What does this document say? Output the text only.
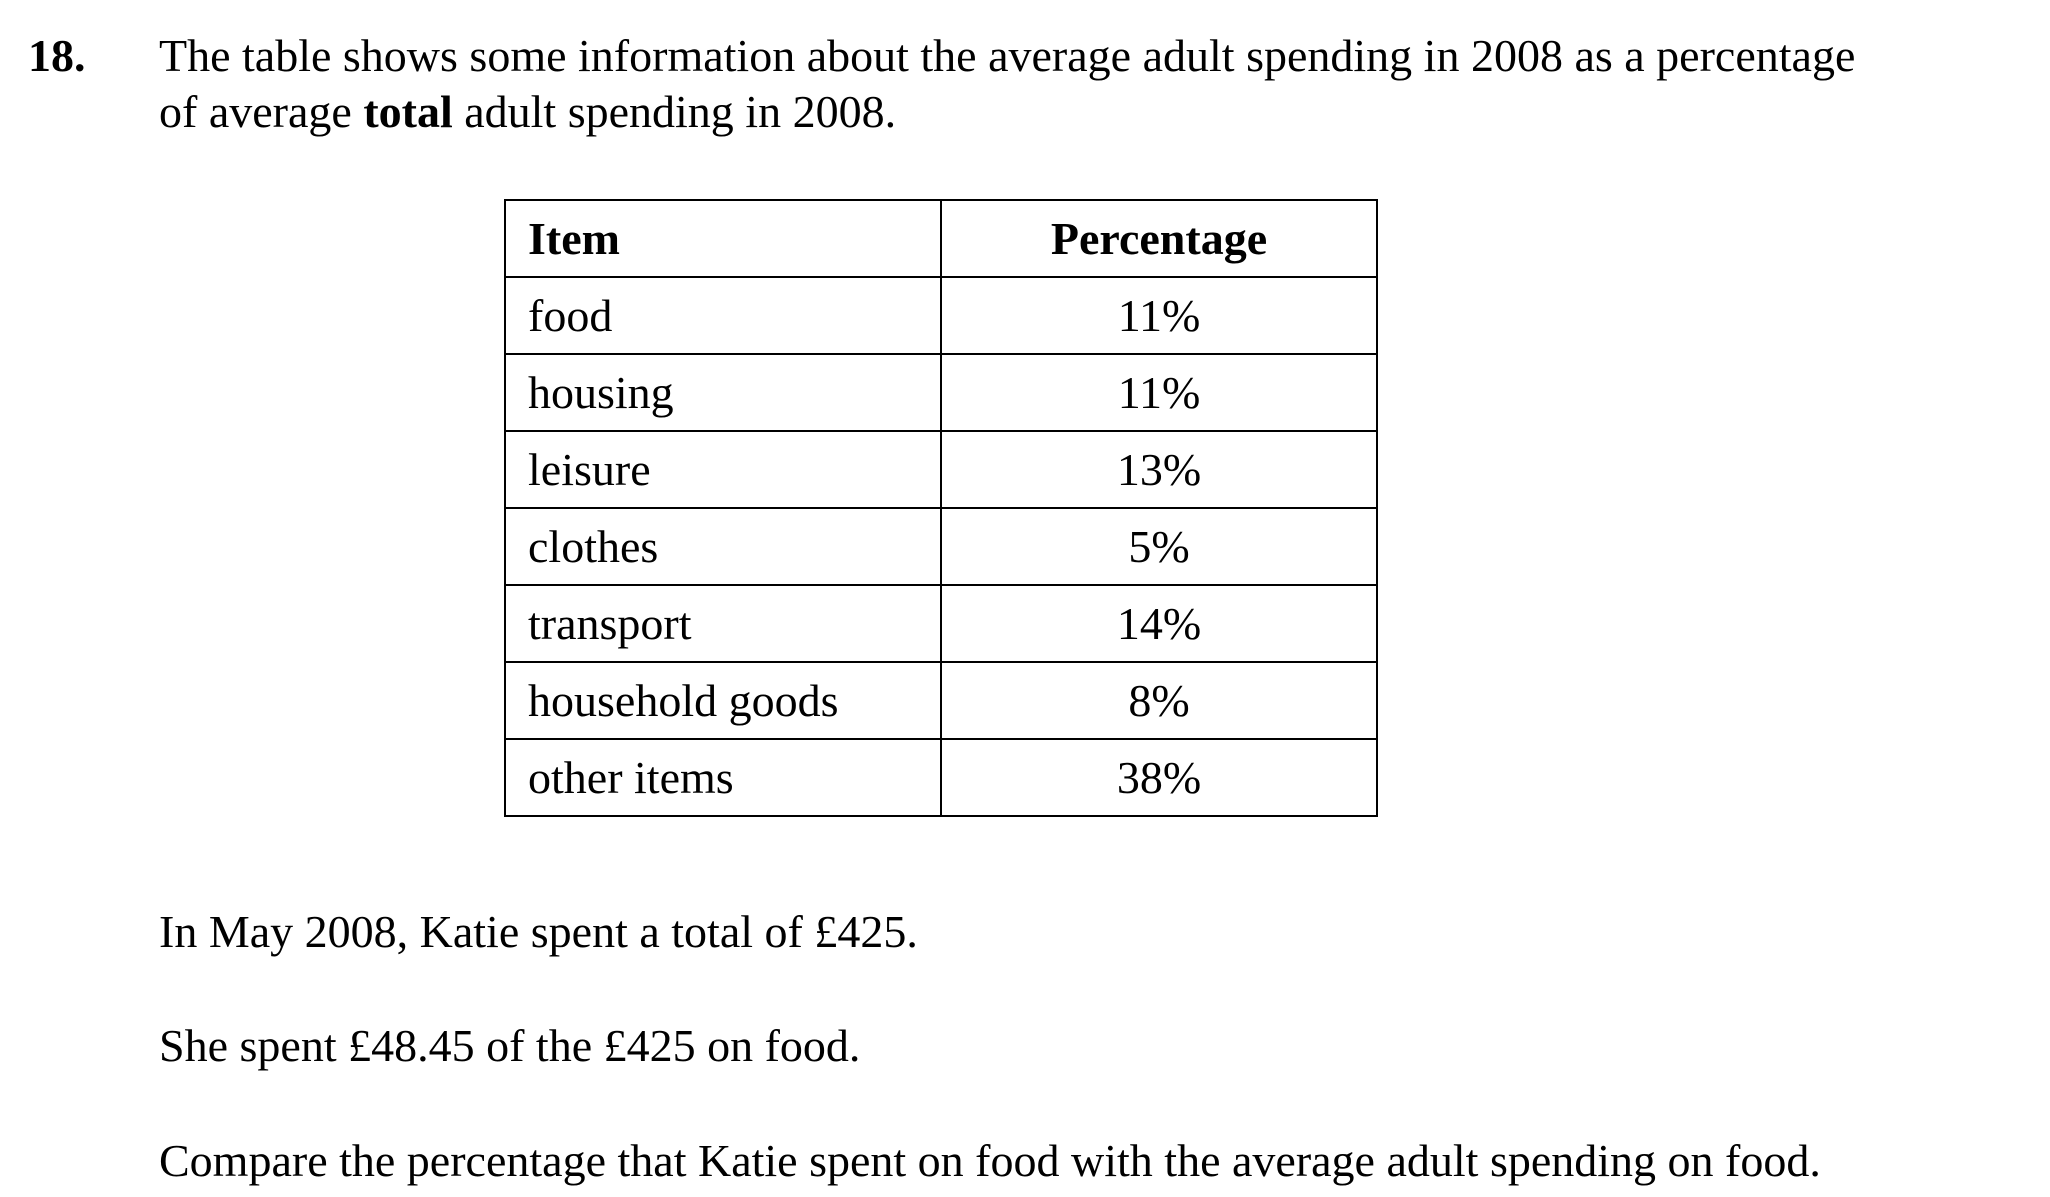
18. The table shows some information about the average adult spending in 2008 as a percentage
of average total adult spending in 2008.
Item	Percentage
food	11%
housing	11%
leisure	13%
clothes	5%
transport	14%
household goods	8%
other items	38%

In May 2008, Katie spent a total of £425.

She spent £48.45 of the £425 on food.

Compare the percentage that Katie spent on food with the average adult spending on food.
